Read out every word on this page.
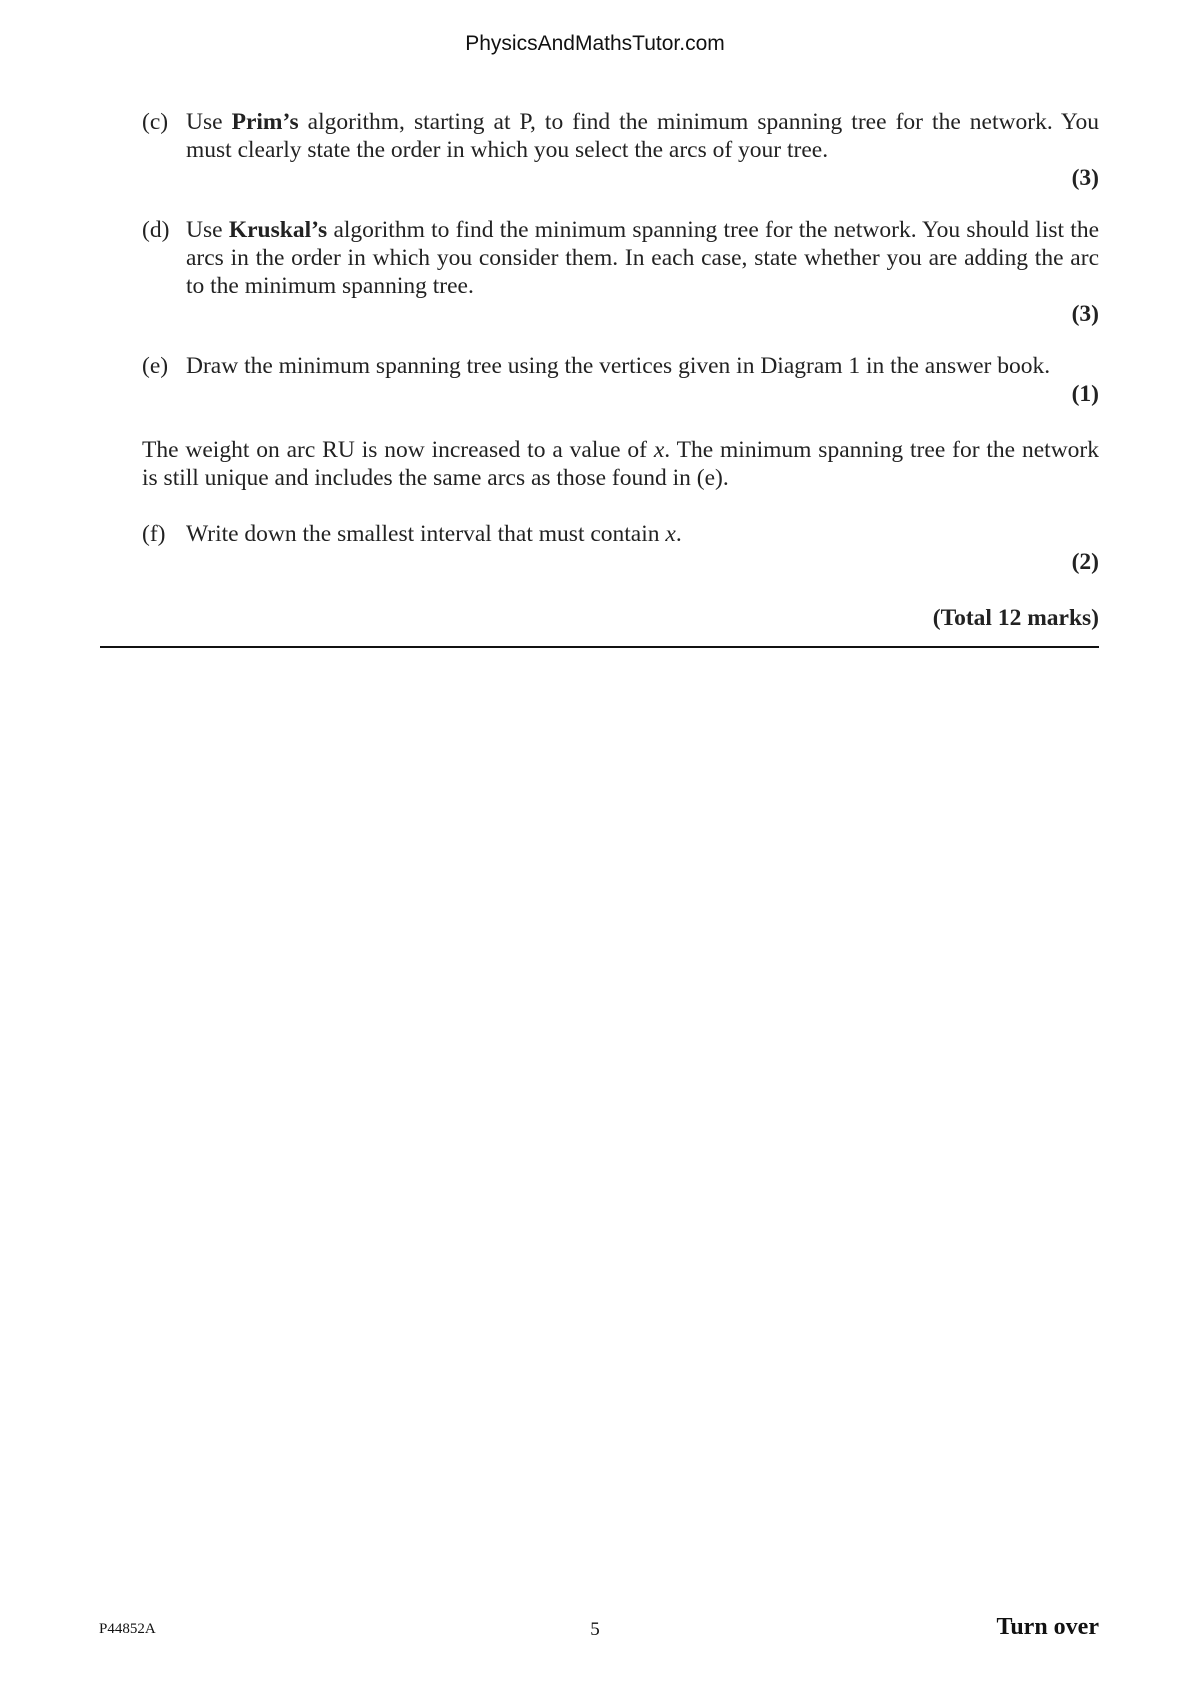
PhysicsAndMathsTutor.com
(c) Use Prim’s algorithm, starting at P, to find the minimum spanning tree for the network. You must clearly state the order in which you select the arcs of your tree.
(3)
(d) Use Kruskal’s algorithm to find the minimum spanning tree for the network. You should list the arcs in the order in which you consider them. In each case, state whether you are adding the arc to the minimum spanning tree.
(3)
(e) Draw the minimum spanning tree using the vertices given in Diagram 1 in the answer book.
(1)
The weight on arc RU is now increased to a value of x. The minimum spanning tree for the network is still unique and includes the same arcs as those found in (e).
(f) Write down the smallest interval that must contain x.
(2)
(Total 12 marks)
P44852A	5	Turn over
